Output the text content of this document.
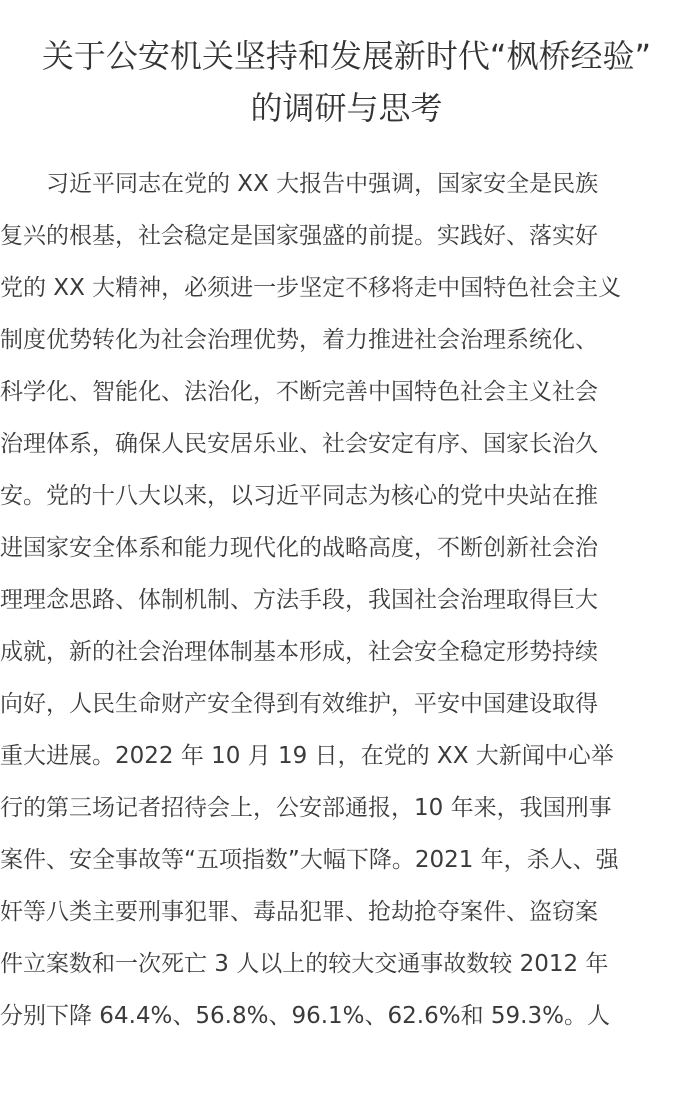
关于公安机关坚持和发展新时代“枫桥经验”
的调研与思考
　　习近平同志在党的 XX 大报告中强调，国家安全是民族
复兴的根基，社会稳定是国家强盛的前提。实践好、落实好
党的 XX 大精神，必须进一步坚定不移将走中国特色社会主义
制度优势转化为社会治理优势，着力推进社会治理系统化、
科学化、智能化、法治化，不断完善中国特色社会主义社会
治理体系，确保人民安居乐业、社会安定有序、国家长治久
安。党的十八大以来，以习近平同志为核心的党中央站在推
进国家安全体系和能力现代化的战略高度，不断创新社会治
理理念思路、体制机制、方法手段，我国社会治理取得巨大
成就，新的社会治理体制基本形成，社会安全稳定形势持续
向好，人民生命财产安全得到有效维护，平安中国建设取得
重大进展。2022 年 10 月 19 日，在党的 XX 大新闻中心举
行的第三场记者招待会上，公安部通报，10 年来，我国刑事
案件、安全事故等“五项指数”大幅下降。2021 年，杀人、强
奸等八类主要刑事犯罪、毒品犯罪、抢劫抢夺案件、盗窃案
件立案数和一次死亡 3 人以上的较大交通事故数较 2012 年
分别下降 64.4%、56.8%、96.1%、62.6%和 59.3%。人
